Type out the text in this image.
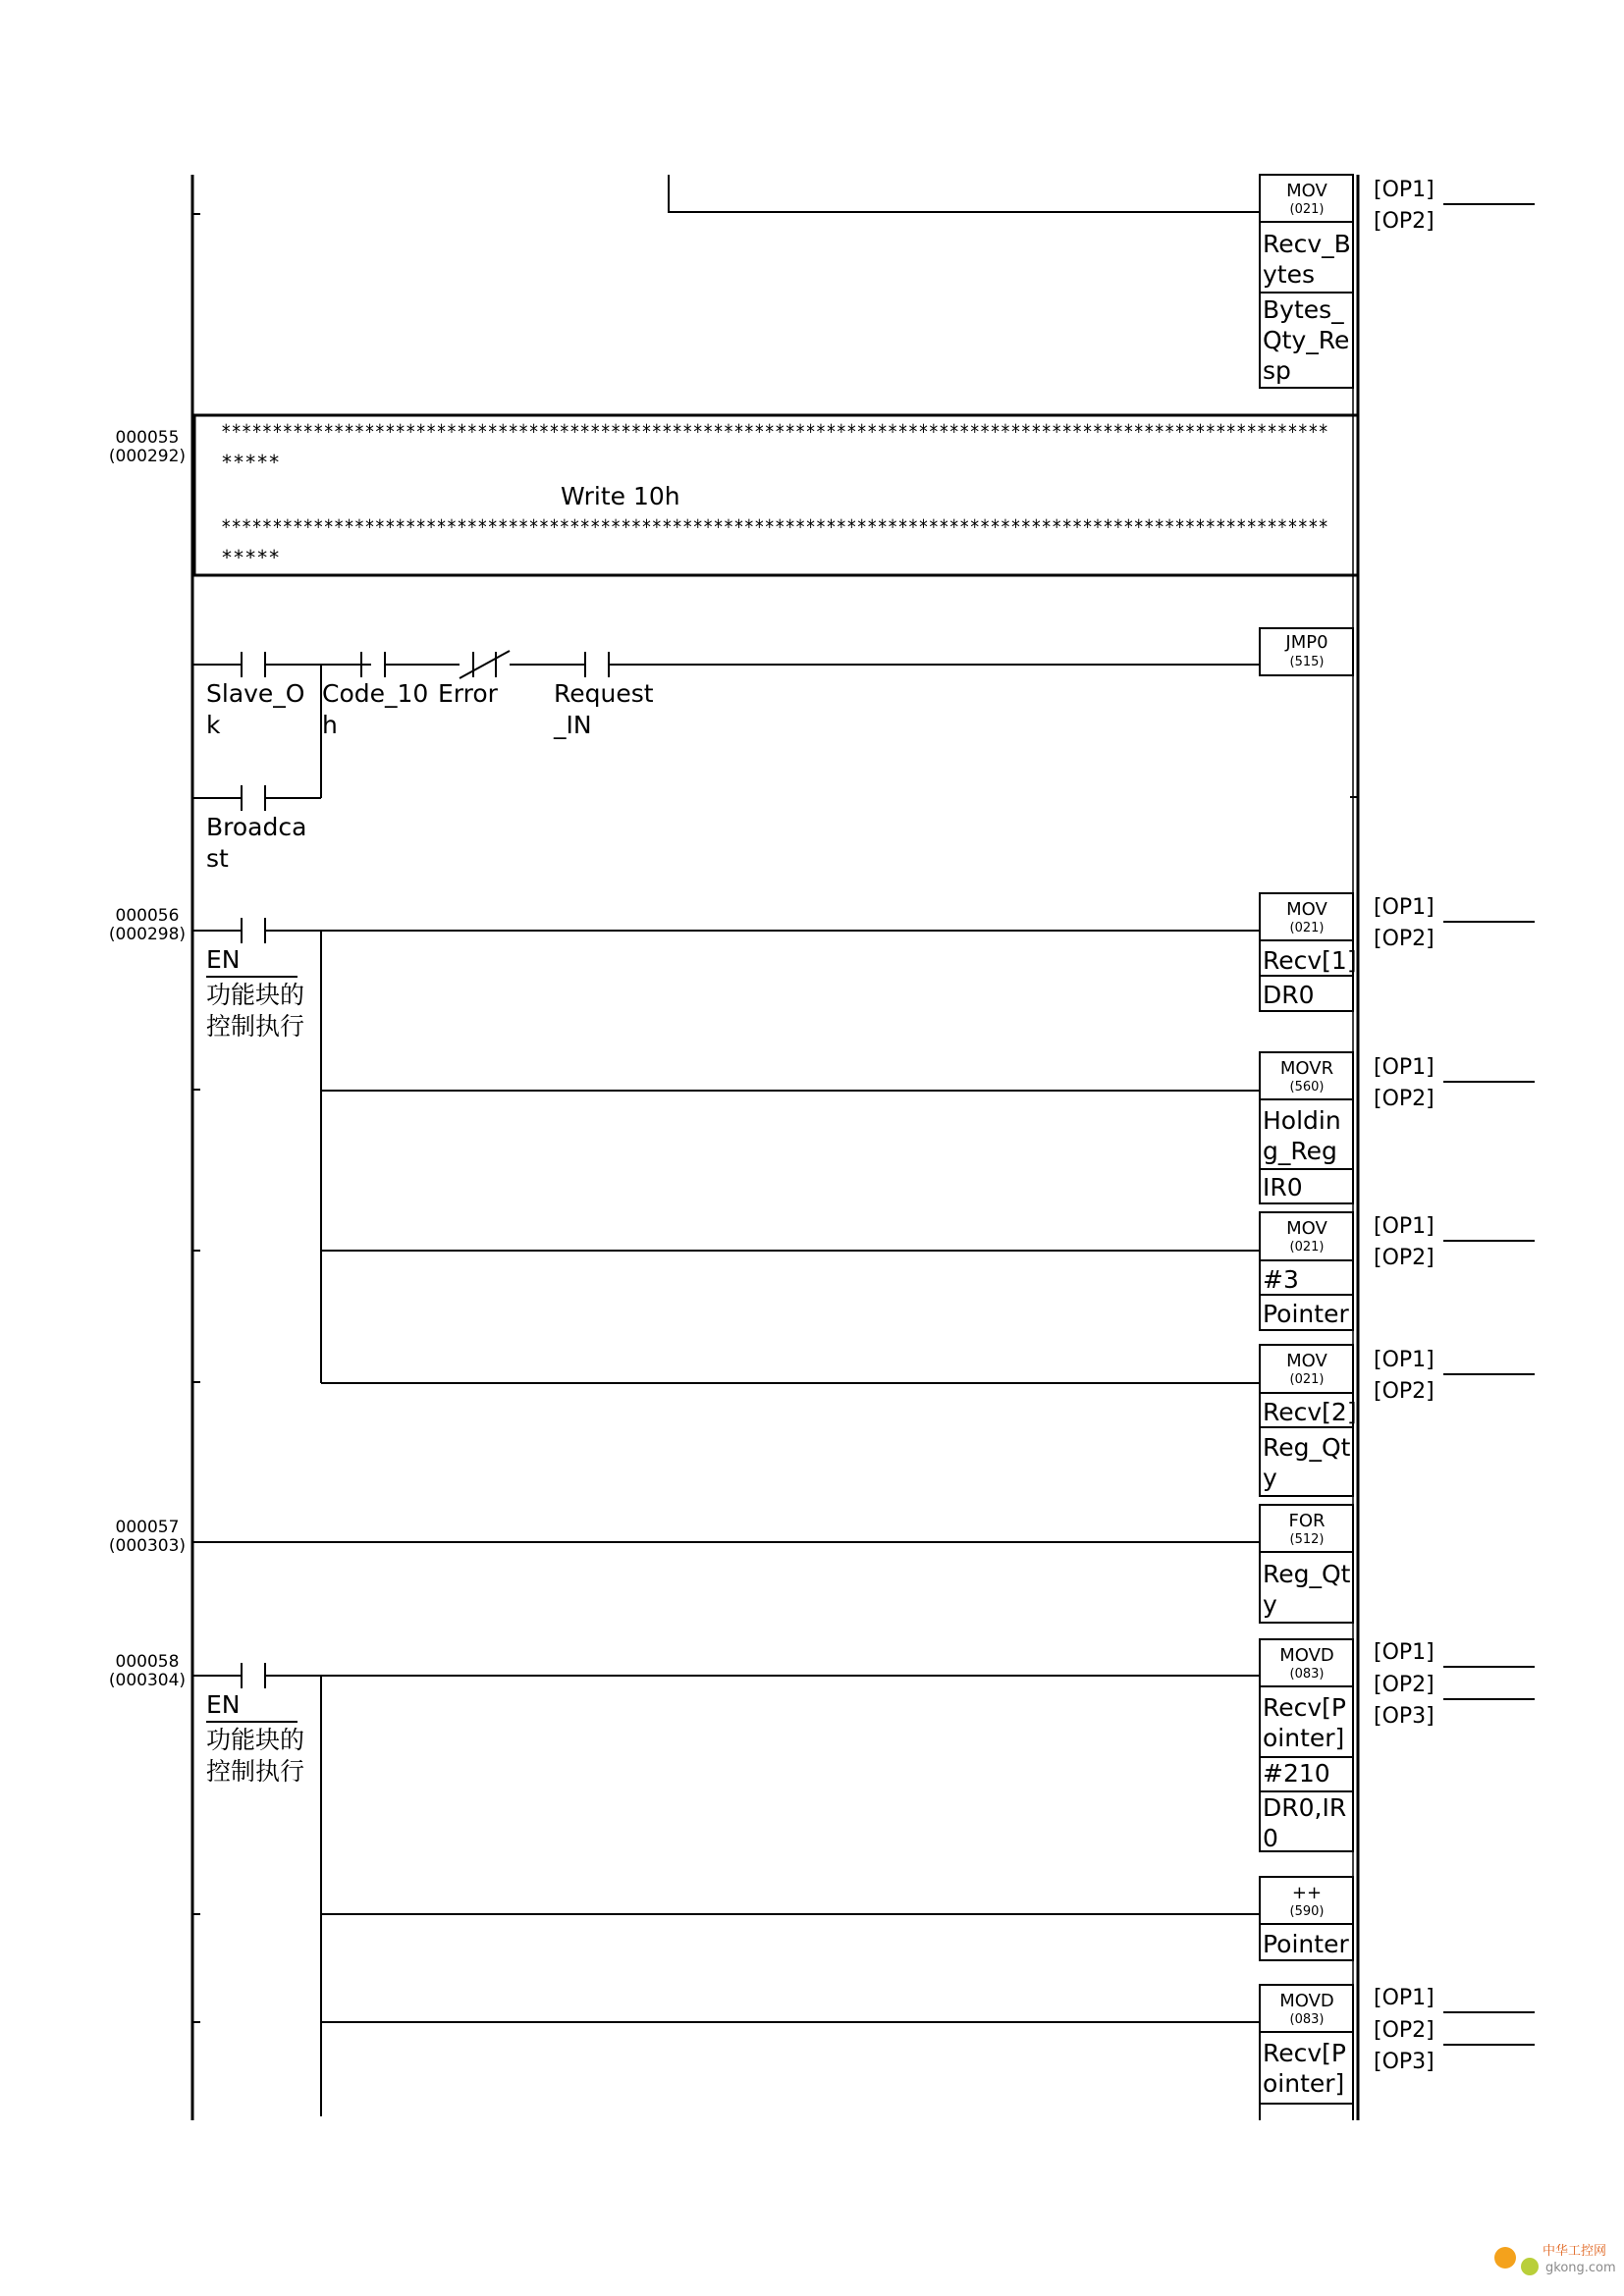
000055
(000292)
000056
(000298)
000057
(000303)
000058
(000304)
************************************************************************************************************
*****
Write 10h
************************************************************************************************************
*****
Slave_O
k
Code_10
h
Error Request
_IN
Broadca
st
EN
功能块的
控制执行
EN
功能块的
控制执行
MOV
(021)
Recv_B
ytes
Bytes_
Qty_Re
sp
JMP0
(515)
MOV
(021)
Recv[1]
DR0
MOVR
(560)
Holdin
g_Reg
IR0
MOV
(021)
#3
Pointer
MOV
(021)
Recv[2]
Reg_Qt
y
FOR
(512)
Reg_Qt
y
MOVD
(083)
Recv[P
ointer]
#210
DR0,IR
0
++
(590)
Pointer
MOVD
(083)
Recv[P
ointer]
[OP1]
[OP2]
[OP1]
[OP2]
[OP1]
[OP2]
[OP1]
[OP2]
[OP1]
[OP2]
[OP1]
[OP2]
[OP3]
[OP1]
[OP2]
[OP3]
中华工控网
gkong.com
